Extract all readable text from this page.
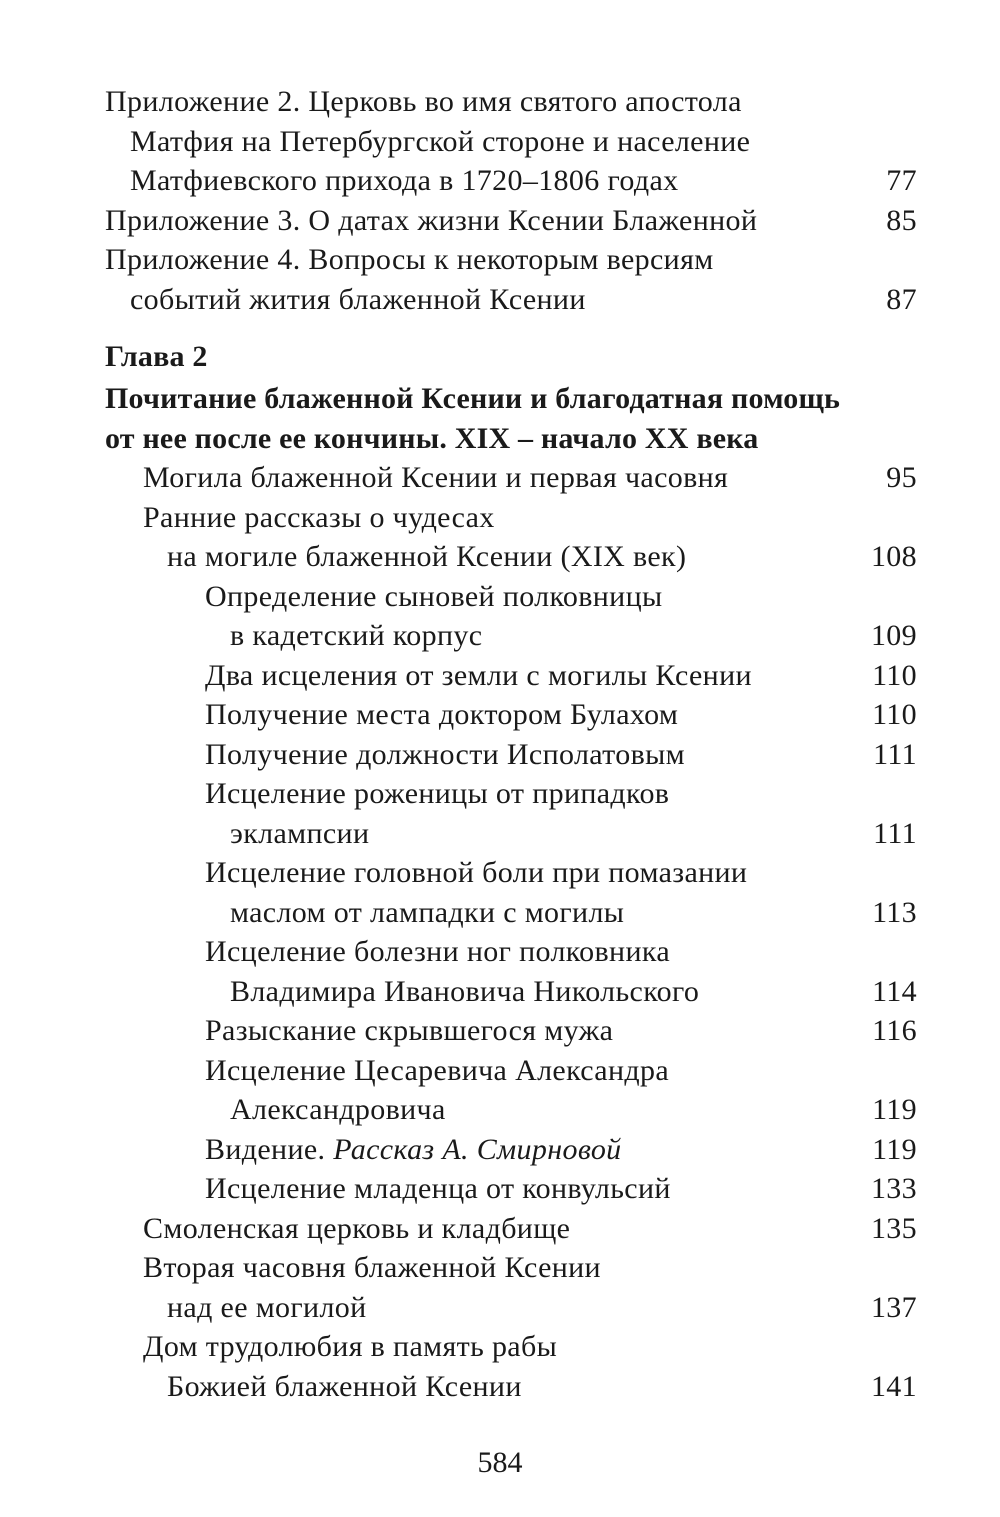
Приложение 2. Церковь во имя святого апостола
Матфия на Петербургской стороне и население
Матфиевского прихода в 1720–1806 годах	77
Приложение 3. О датах жизни Ксении Блаженной	85
Приложение 4. Вопросы к некоторым версиям
событий жития блаженной Ксении	87
Глава 2
Почитание блаженной Ксении и благодатная помощь
от нее после ее кончины. XIX – начало XX века
Могила блаженной Ксении и первая часовня	95
Ранние рассказы о чудесах
на могиле блаженной Ксении (XIX век)	108
Определение сыновей полковницы
в кадетский корпус	109
Два исцеления от земли с могилы Ксении	110
Получение места доктором Булахом	110
Получение должности Исполатовым	111
Исцеление роженицы от припадков
эклампсии	111
Исцеление головной боли при помазании
маслом от лампадки с могилы	113
Исцеление болезни ног полковника
Владимира Ивановича Никольского	114
Разыскание скрывшегося мужа	116
Исцеление Цесаревича Александра
Александровича	119
Видение. Рассказ А. Смирновой	119
Исцеление младенца от конвульсий	133
Смоленская церковь и кладбище	135
Вторая часовня блаженной Ксении
над ее могилой	137
Дом трудолюбия в память рабы
Божией блаженной Ксении	141
584
